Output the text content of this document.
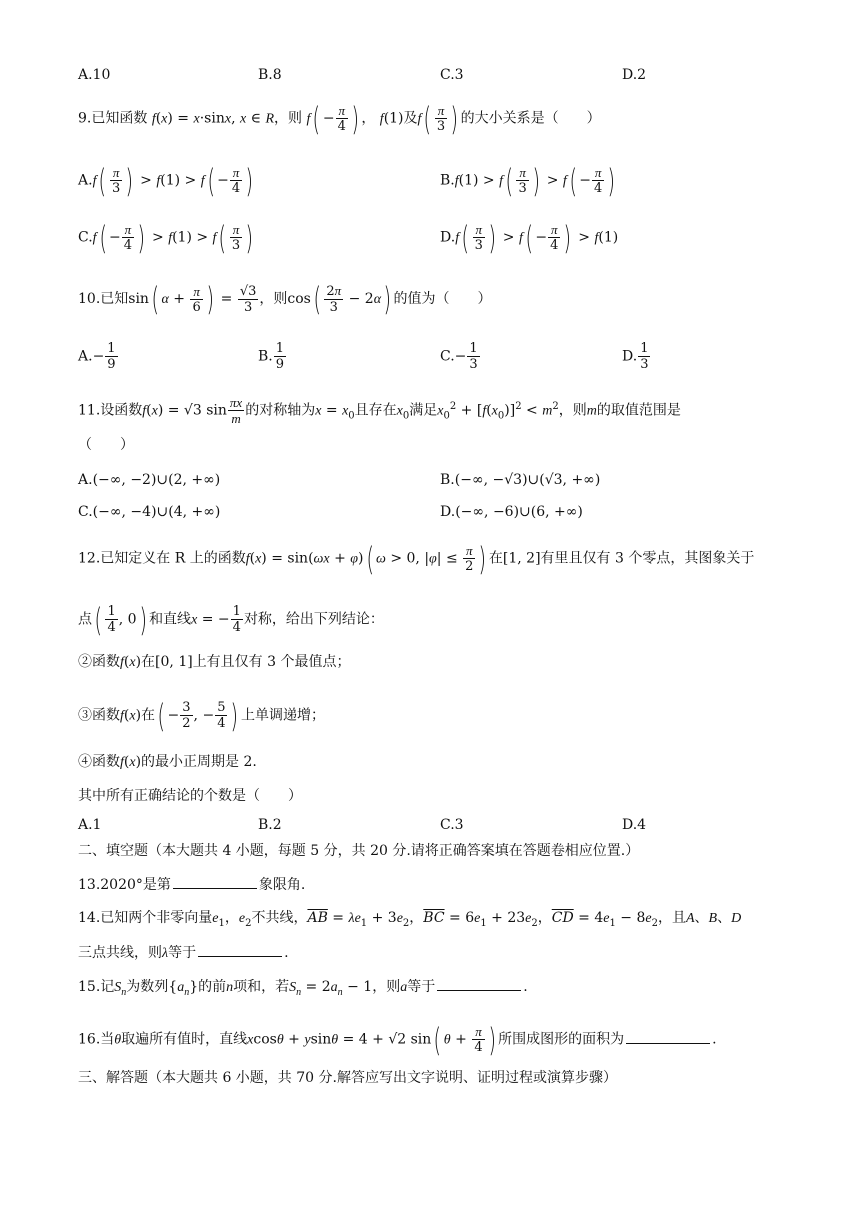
A.10	B.8	C.3	D.2
9.已知函数 f(x) = x·sinx, x ∈ R，则 $f( - \frac{\pi}{4}$ ) ， f(1)及$f( \frac{\pi}{3}$ ) 的大小关系是（　　）
$A.f( \frac{\pi}{3}$ ) > $f(1) > f( - \frac{\pi}{4}$ )	$B.f(1) > f( \frac{\pi}{3}$ ) > $f( - \frac{\pi}{4}$ )
$C.f( - \frac{\pi}{4}$ ) > $f(1) > f( \frac{\pi}{3}$ )	$D.f( \frac{\pi}{3}$ ) > $f( - \frac{\pi}{4}$ ) > f(1)
10.已知sin( $\alpha + \frac{\pi}{6}$ ) = $\frac{√3}{3}$ ，则$\cos( \frac{2\pi}{3} - 2\alpha)$ 的值为（　　）
$A.- \frac{1}{9}$	B. $\frac{1}{9}$	$C.- \frac{1}{3}$	D. $\frac{1}{3}$
11.设函数f(x) = √3 $\sin \frac{\pi x}{m}$ 的对称轴为$x = x_0$且存在$x_0$满足$x_0^2 + [f(x_0)]^2 < m^2$，则m的取值范围是
（　　）
A.(−∞, −2)∪(2, +∞)	B.(−∞, −√3)∪(√3, +∞)
C.(−∞, −4)∪(4, +∞)	D.(−∞, −6)∪(6, +∞)
12.已知定义在 R 上的函数f(x) = sin(ωx + φ)( ω > 0, $|\varphi| \le \frac{\pi}{2}$ ) 在[1, 2]有里且仅有 3 个零点，其图象关于
点( $\frac{1}{4}$ , 0) 和直线x = − $\frac{1}{4}$ 对称，给出下列结论：
②函数f(x)在[0, 1]上有且仅有 3 个最值点；
③函数f(x)在( − $\frac{3}{2}$ , − $\frac{5}{4}$ ) 上单调递增；
④函数f(x)的最小正周期是 2.
其中所有正确结论的个数是（　　）
A.1	B.2	C.3	D.4
二、填空题（本大题共 4 小题，每题 5 分，共 20 分.请将正确答案填在答题卷相应位置.）
13.2020°是第	象限角.
14.已知两个非零向量$e_1$，$e_2$不共线，$\overline{AB} = \lambda e_1 + 3e_2$，$\overline{BC} = 6e_1 + 23e_2$，$\overline{CD} = 4e_1 - 8e_2$，且A、B、D
三点共线，则λ等于	.
15.记$S_n$为数列$\{a_n\}$的前n项和，若$S_n = 2a_n - 1$，则a等于	.
16.当θ取遍所有值时，直线xcosθ + ysinθ = 4 + √2 sin( $\theta + \frac{\pi}{4}$ ) 所围成图形的面积为	.
三、解答题（本大题共 6 小题，共 70 分.解答应写出文字说明、证明过程或演算步骤）
